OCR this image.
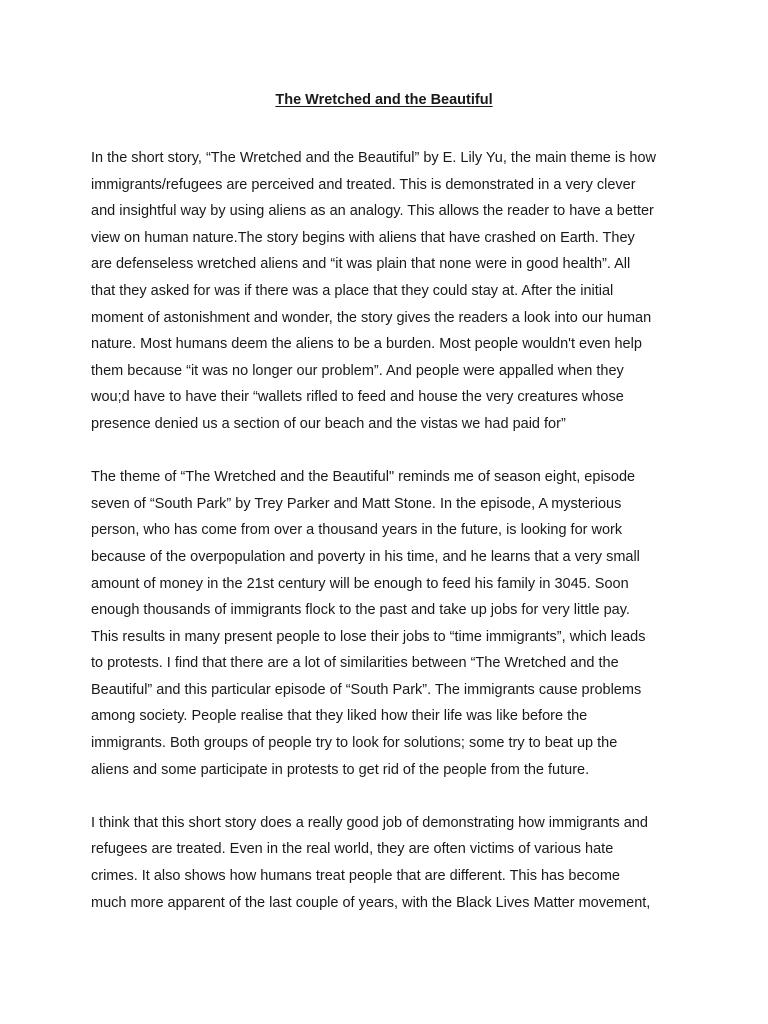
The Wretched and the Beautiful

In the short story, “The Wretched and the Beautiful” by E. Lily Yu, the main theme is how
immigrants/refugees are perceived and treated. This is demonstrated in a very clever
and insightful way by using aliens as an analogy. This allows the reader to have a better
view on human nature.The story begins with aliens that have crashed on Earth. They
are defenseless wretched aliens and “it was plain that none were in good health”. All
that they asked for was if there was a place that they could stay at. After the initial
moment of astonishment and wonder, the story gives the readers a look into our human
nature. Most humans deem the aliens to be a burden. Most people wouldn't even help
them because “it was no longer our problem”. And people were appalled when they
wou;d have to have their “wallets rifled to feed and house the very creatures whose
presence denied us a section of our beach and the vistas we had paid for”

The theme of “The Wretched and the Beautiful" reminds me of season eight, episode
seven of “South Park” by Trey Parker and Matt Stone. In the episode, A mysterious
person, who has come from over a thousand years in the future, is looking for work
because of the overpopulation and poverty in his time, and he learns that a very small
amount of money in the 21st century will be enough to feed his family in 3045. Soon
enough thousands of immigrants flock to the past and take up jobs for very little pay.
This results in many present people to lose their jobs to “time immigrants”, which leads
to protests. I find that there are a lot of similarities between “The Wretched and the
Beautiful” and this particular episode of “South Park”. The immigrants cause problems
among society. People realise that they liked how their life was like before the
immigrants. Both groups of people try to look for solutions; some try to beat up the
aliens and some participate in protests to get rid of the people from the future.

I think that this short story does a really good job of demonstrating how immigrants and
refugees are treated. Even in the real world, they are often victims of various hate
crimes. It also shows how humans treat people that are different. This has become
much more apparent of the last couple of years, with the Black Lives Matter movement,
